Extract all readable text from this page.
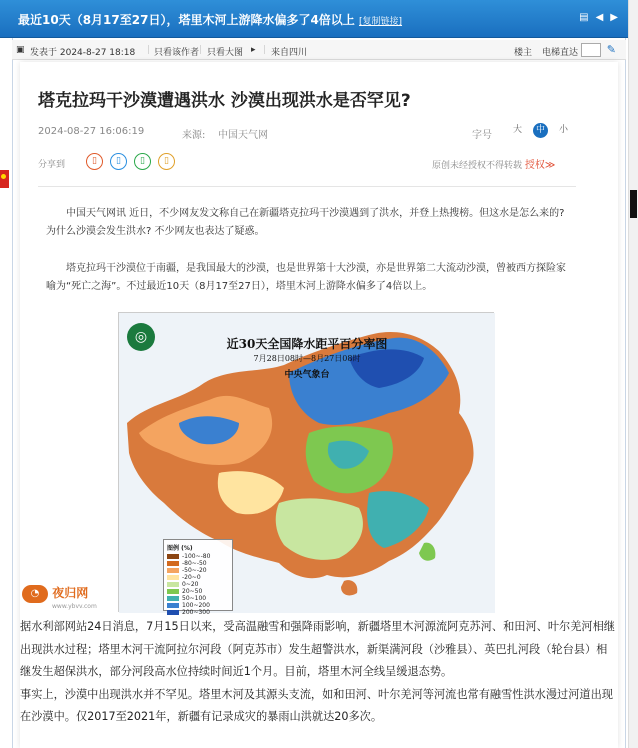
最近10天（8月17至27日），塔里木河上游降水偏多了4倍以上 [复制链接]	▤ ◀ ▶
▣ 发表于 2024-8-27 18:18 | 只看该作者 | 只看大图 ▸ | 来自四川	楼主 电梯直达	✎
塔克拉玛干沙漠遭遇洪水 沙漠出现洪水是否罕见?
2024-08-27 16:06:19	来源: 中国天气网	字号	大	中	小
分享到	▯	▯	▯	▯	原创未经授权不得转载 授权≫
中国天气网讯 近日，不少网友发文称自己在新疆塔克拉玛干沙漠遇到了洪水，并登上热搜榜。但这水是怎么来的? 为什么沙漠会发生洪水? 不少网友也表达了疑惑。
塔克拉玛干沙漠位于南疆，是我国最大的沙漠，也是世界第十大沙漠，亦是世界第二大流动沙漠，曾被西方探险家喻为“死亡之海”。不过最近10天（8月17至27日），塔里木河上游降水偏多了4倍以上。
◎	近30天全国降水距平百分率图
7月28日08时—8月27日08时
中央气象台
图例 (%)
-100~-80
-80~-50
-50~-20
-20~0
0~20
20~50
50~100
100~200
200~300
◔ 夜归网
www.ybvv.com
据水利部网站24日消息，7月15日以来，受高温融雪和强降雨影响，新疆塔里木河源流阿克苏河、和田河、叶尔羌河相继出现洪水过程；塔里木河干流阿拉尔河段（阿克苏市）发生超警洪水，新渠满河段（沙雅县）、英巴扎河段（轮台县）相继发生超保洪水，部分河段高水位持续时间近1个月。目前，塔里木河全线呈缓退态势。
事实上，沙漠中出现洪水并不罕见。塔里木河及其源头支流，如和田河、叶尔羌河等河流也常有融雪性洪水漫过河道出现在沙漠中。仅2017至2021年，新疆有记录成灾的暴雨山洪就达20多次。
